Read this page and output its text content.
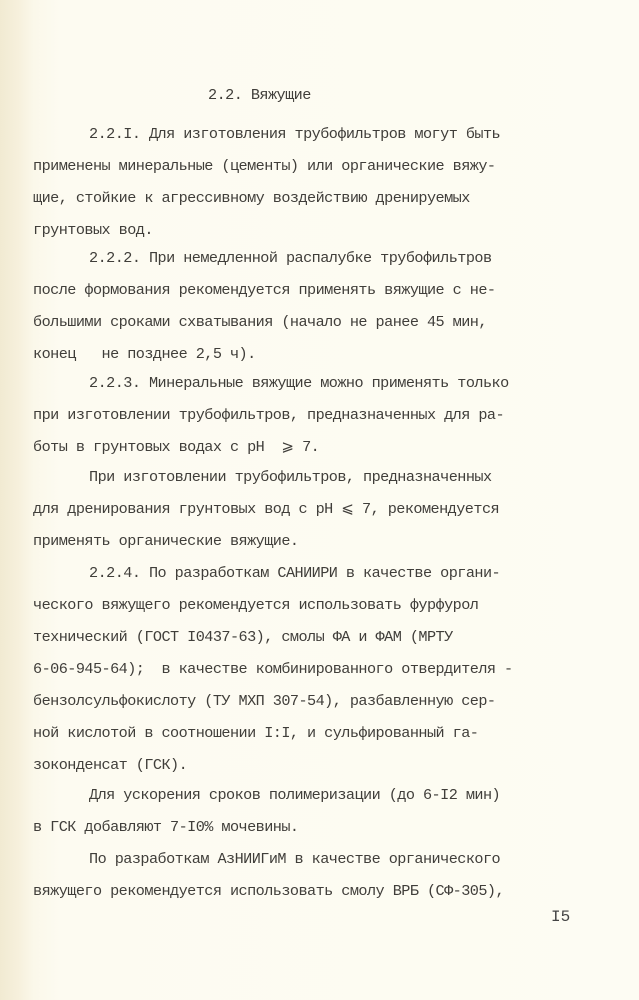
2.2. Вяжущие
2.2.I. Для изготовления трубофильтров могут быть
применены минеральные (цементы) или органические вяжу-
щие, стойкие к агрессивному воздействию дренируемых
грунтовых вод.
2.2.2. При немедленной распалубке трубофильтров
после формования рекомендуется применять вяжущие с не-
большими сроками схватывания (начало не ранее 45 мин,
конец   не позднее 2,5 ч).
2.2.3. Минеральные вяжущие можно применять только
при изготовлении трубофильтров, предназначенных для ра-
боты в грунтовых водах с pH  ⩾ 7.
При изготовлении трубофильтров, предназначенных
для дренирования грунтовых вод с pH ⩽ 7, рекомендуется
применять органические вяжущие.
2.2.4. По разработкам САНИИРИ в качестве органи-
ческого вяжущего рекомендуется использовать фурфурол
технический (ГОСТ I0437-63), смолы ФА и ФАМ (МРТУ
6-06-945-64);  в качестве комбинированного отвердителя -
бензолсульфокислоту (ТУ МХП 307-54), разбавленную сер-
ной кислотой в соотношении I:I, и сульфированный га-
зоконденсат (ГСК).
Для ускорения сроков полимеризации (до 6-I2 мин)
в ГСК добавляют 7-I0% мочевины.
По разработкам АзНИИГиМ в качестве органического
вяжущего рекомендуется использовать смолу ВРБ (СФ-305),
I5
